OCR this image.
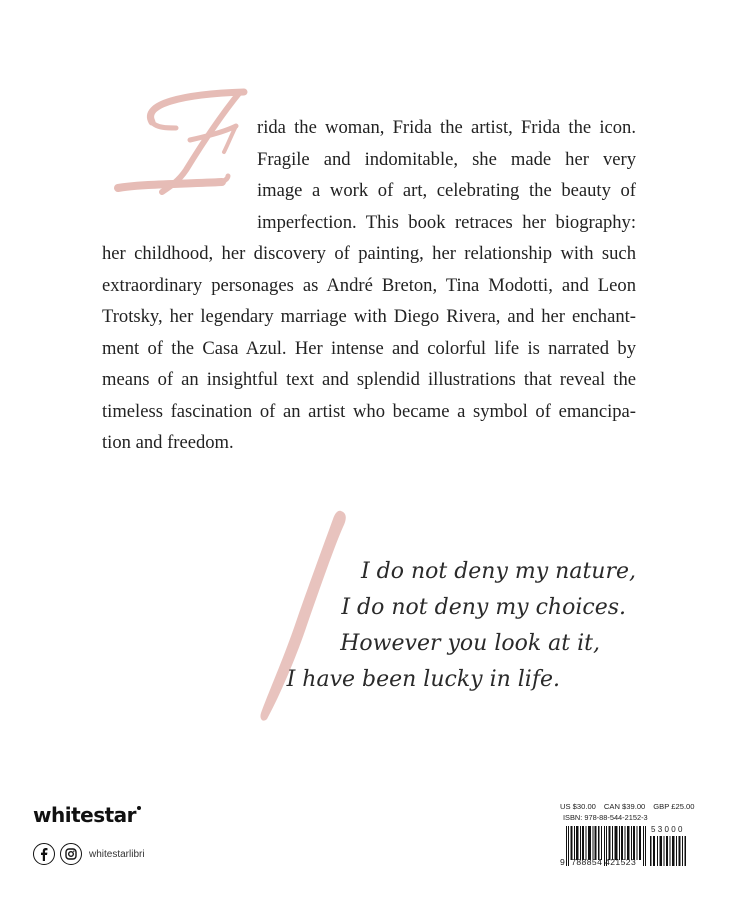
rida the woman, Frida the artist, Frida the icon.
Fragile and indomitable, she made her very
image a work of art, celebrating the beauty of
imperfection. This book retraces her biography:
her childhood, her discovery of painting, her relationship with such
extraordinary personages as André Breton, Tina Modotti, and Leon
Trotsky, her legendary marriage with Diego Rivera, and her enchant-
ment of the Casa Azul. Her intense and colorful life is narrated by
means of an insightful text and splendid illustrations that reveal the
timeless fascination of an artist who became a symbol of emancipa-
tion and freedom.
I do not deny my nature,
I do not deny my choices.
However you look at it,
I have been lucky in life.
whitestar
whitestarlibri
US $30.00 CAN $39.00 GBP £25.00
ISBN: 978-88-544-2152-3
53000
9 788854 421523
